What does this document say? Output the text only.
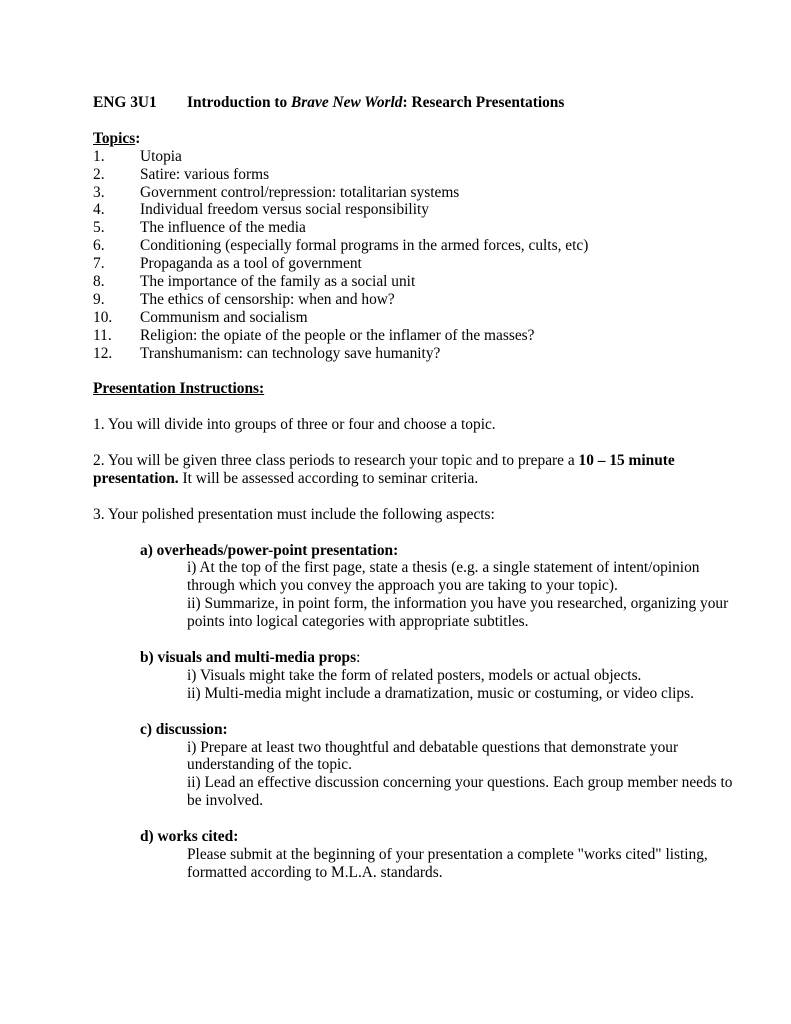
ENG 3U1 Introduction to Brave New World: Research Presentations
Topics:
1.	Utopia
2.	Satire: various forms
3.	Government control/repression: totalitarian systems
4.	Individual freedom versus social responsibility
5.	The influence of the media
6.	Conditioning (especially formal programs in the armed forces, cults, etc)
7.	Propaganda as a tool of government
8.	The importance of the family as a social unit
9.	The ethics of censorship: when and how?
10.	Communism and socialism
11.	Religion: the opiate of the people or the inflamer of the masses?
12.	Transhumanism: can technology save humanity?
Presentation Instructions:
1. You will divide into groups of three or four and choose a topic.
2. You will be given three class periods to research your topic and to prepare a 10 – 15 minute presentation. It will be assessed according to seminar criteria.
3. Your polished presentation must include the following aspects:
a) overheads/power-point presentation:
i) At the top of the first page, state a thesis (e.g. a single statement of intent/opinion through which you convey the approach you are taking to your topic).
ii) Summarize, in point form, the information you have you researched, organizing your points into logical categories with appropriate subtitles.
b) visuals and multi-media props:
i) Visuals might take the form of related posters, models or actual objects.
ii) Multi-media might include a dramatization, music or costuming, or video clips.
c) discussion:
i) Prepare at least two thoughtful and debatable questions that demonstrate your understanding of the topic.
ii) Lead an effective discussion concerning your questions. Each group member needs to be involved.
d) works cited:
Please submit at the beginning of your presentation a complete "works cited" listing, formatted according to M.L.A. standards.
